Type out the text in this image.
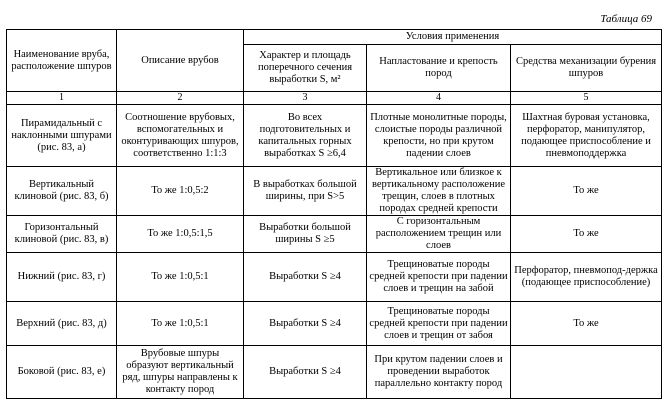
Таблица 69
Наименование вруба, расположение шпуров	Описание врубов	Условия применения		
		Характер и площадь поперечного сечения выработки S, м²	Наплаcтование и крепость пород	Средства механизации бурения шпуров
1	2	3	4	5
Пирамидальный с наклонными шпурами (рис. 83, а)	Соотношение врубовых, вспомогательных и оконтуривающих шпуров, соответственно 1:1:3	Во всех подготовительных и капитальных горных выработках S ≥6,4	Плотные монолитные породы, слоистые породы различной крепости, но при крутом падении слоев	Шахтная буровая установка, перфоратор, манипулятор, подающее приспособление и пневмоподдержка
Вертикальный клиновой (рис. 83, б)	То же 1:0,5:2	В выработках большой ширины, при S>5	Вертикальное или близкое к вертикальному расположение трещин, слоев в плотных породах средней крепости	То же
Горизонтальный клиновой (рис. 83, в)	То же 1:0,5:1,5	Выработки большой ширины S ≥5	С горизонтальным расположением трещин или слоев	То же
Нижний (рис. 83, г)	То же 1:0,5:1	Выработки S ≥4	Трещиноватые породы средней крепости при падении слоев и трещин на забой	Перфоратор, пневмопод-держка (подающее приспособление)
Верхний (рис. 83, д)	То же 1:0,5:1	Выработки S ≥4	Трещиноватые породы средней крепости при падении слоев и трещин от забоя	То же
Боковой (рис. 83, е)	Врубовые шпуры образуют вертикальный ряд, шпуры направлены к контакту пород	Выработки S ≥4	При крутом падении слоев и проведении выработок параллельно контакту пород	
